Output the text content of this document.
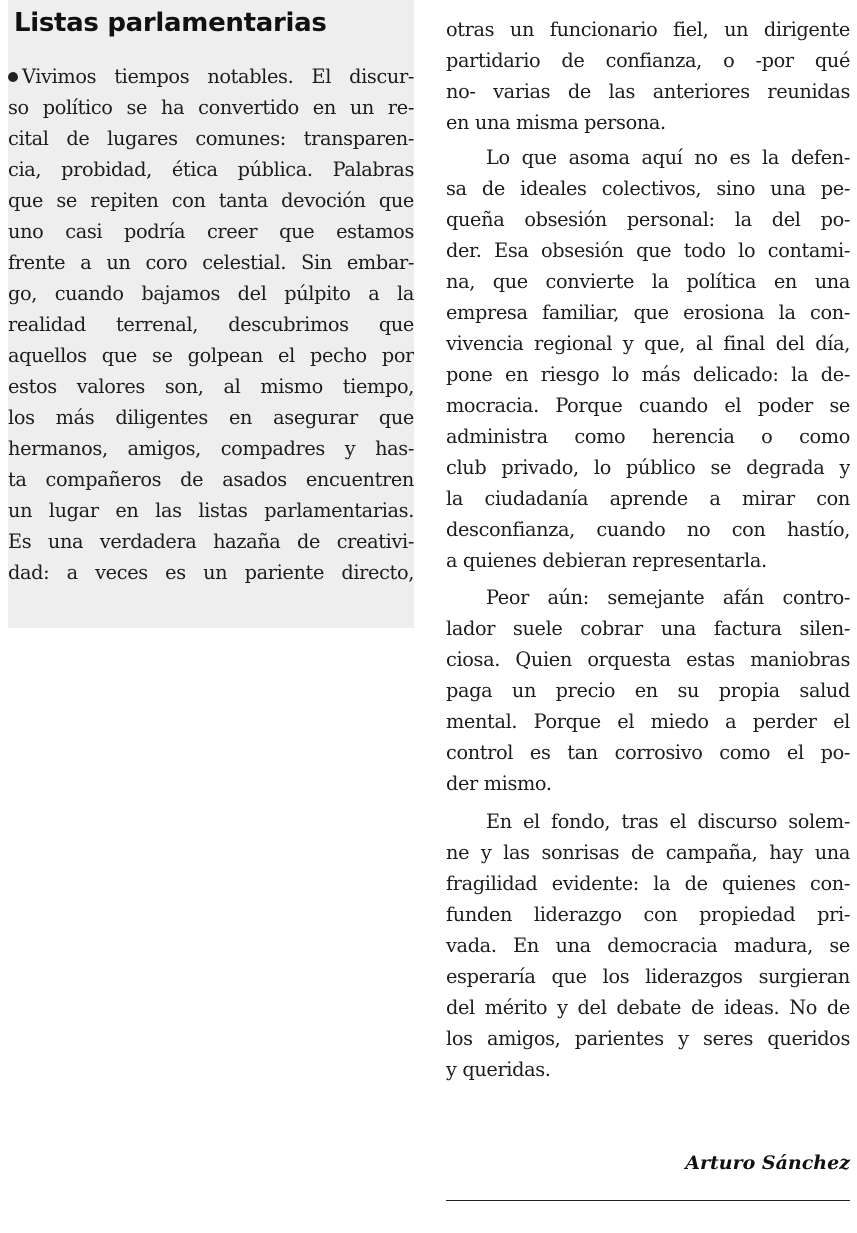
Listas parlamentarias
Vivimos tiempos notables. El discur-
so político se ha convertido en un re-
cital de lugares comunes: transparen-
cia, probidad, ética pública. Palabras
que se repiten con tanta devoción que
uno casi podría creer que estamos
frente a un coro celestial. Sin embar-
go, cuando bajamos del púlpito a la
realidad terrenal, descubrimos que
aquellos que se golpean el pecho por
estos valores son, al mismo tiempo,
los más diligentes en asegurar que
hermanos, amigos, compadres y has-
ta compañeros de asados encuentren
un lugar en las listas parlamentarias.
Es una verdadera hazaña de creativi-
dad: a veces es un pariente directo,
otras un funcionario fiel, un dirigente
partidario de confianza, o -por qué
no- varias de las anteriores reunidas
en una misma persona.
Lo que asoma aquí no es la defen-
sa de ideales colectivos, sino una pe-
queña obsesión personal: la del po-
der. Esa obsesión que todo lo contami-
na, que convierte la política en una
empresa familiar, que erosiona la con-
vivencia regional y que, al final del día,
pone en riesgo lo más delicado: la de-
mocracia. Porque cuando el poder se
administra como herencia o como
club privado, lo público se degrada y
la ciudadanía aprende a mirar con
desconfianza, cuando no con hastío,
a quienes debieran representarla.
Peor aún: semejante afán contro-
lador suele cobrar una factura silen-
ciosa. Quien orquesta estas maniobras
paga un precio en su propia salud
mental. Porque el miedo a perder el
control es tan corrosivo como el po-
der mismo.
En el fondo, tras el discurso solem-
ne y las sonrisas de campaña, hay una
fragilidad evidente: la de quienes con-
funden liderazgo con propiedad pri-
vada. En una democracia madura, se
esperaría que los liderazgos surgieran
del mérito y del debate de ideas. No de
los amigos, parientes y seres queridos
y queridas.
Arturo Sánchez
